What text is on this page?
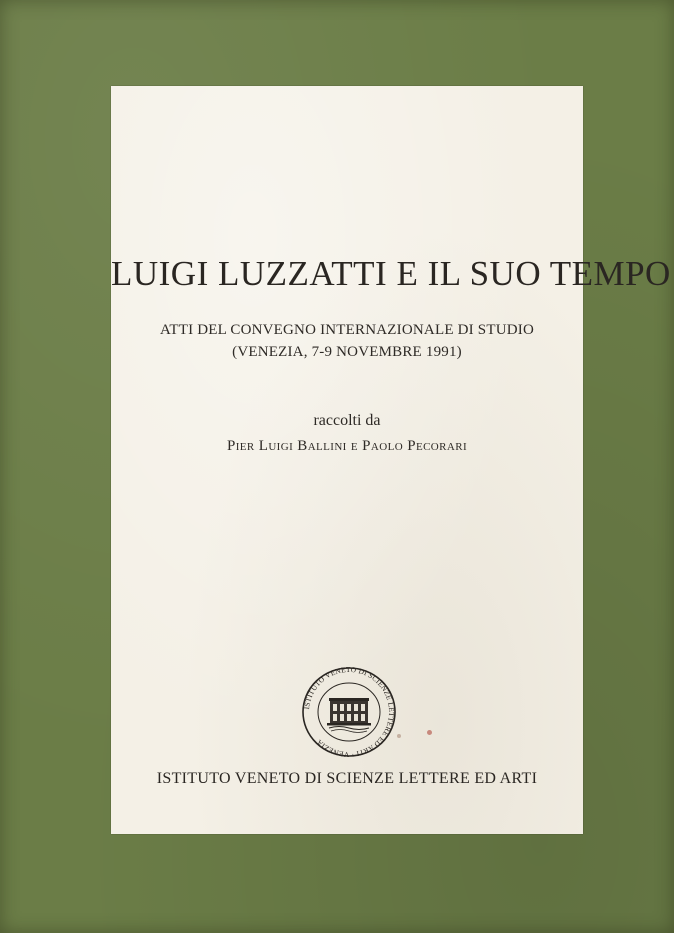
LUIGI LUZZATTI E IL SUO TEMPO
ATTI DEL CONVEGNO INTERNAZIONALE DI STUDIO
(VENEZIA, 7-9 NOVEMBRE 1991)
raccolti da
Pier Luigi Ballini e Paolo Pecorari
ISTITUTO VENETO DI SCIENZE LETTERE ED ARTI · VENEZIA
ISTITUTO VENETO DI SCIENZE LETTERE ED ARTI
